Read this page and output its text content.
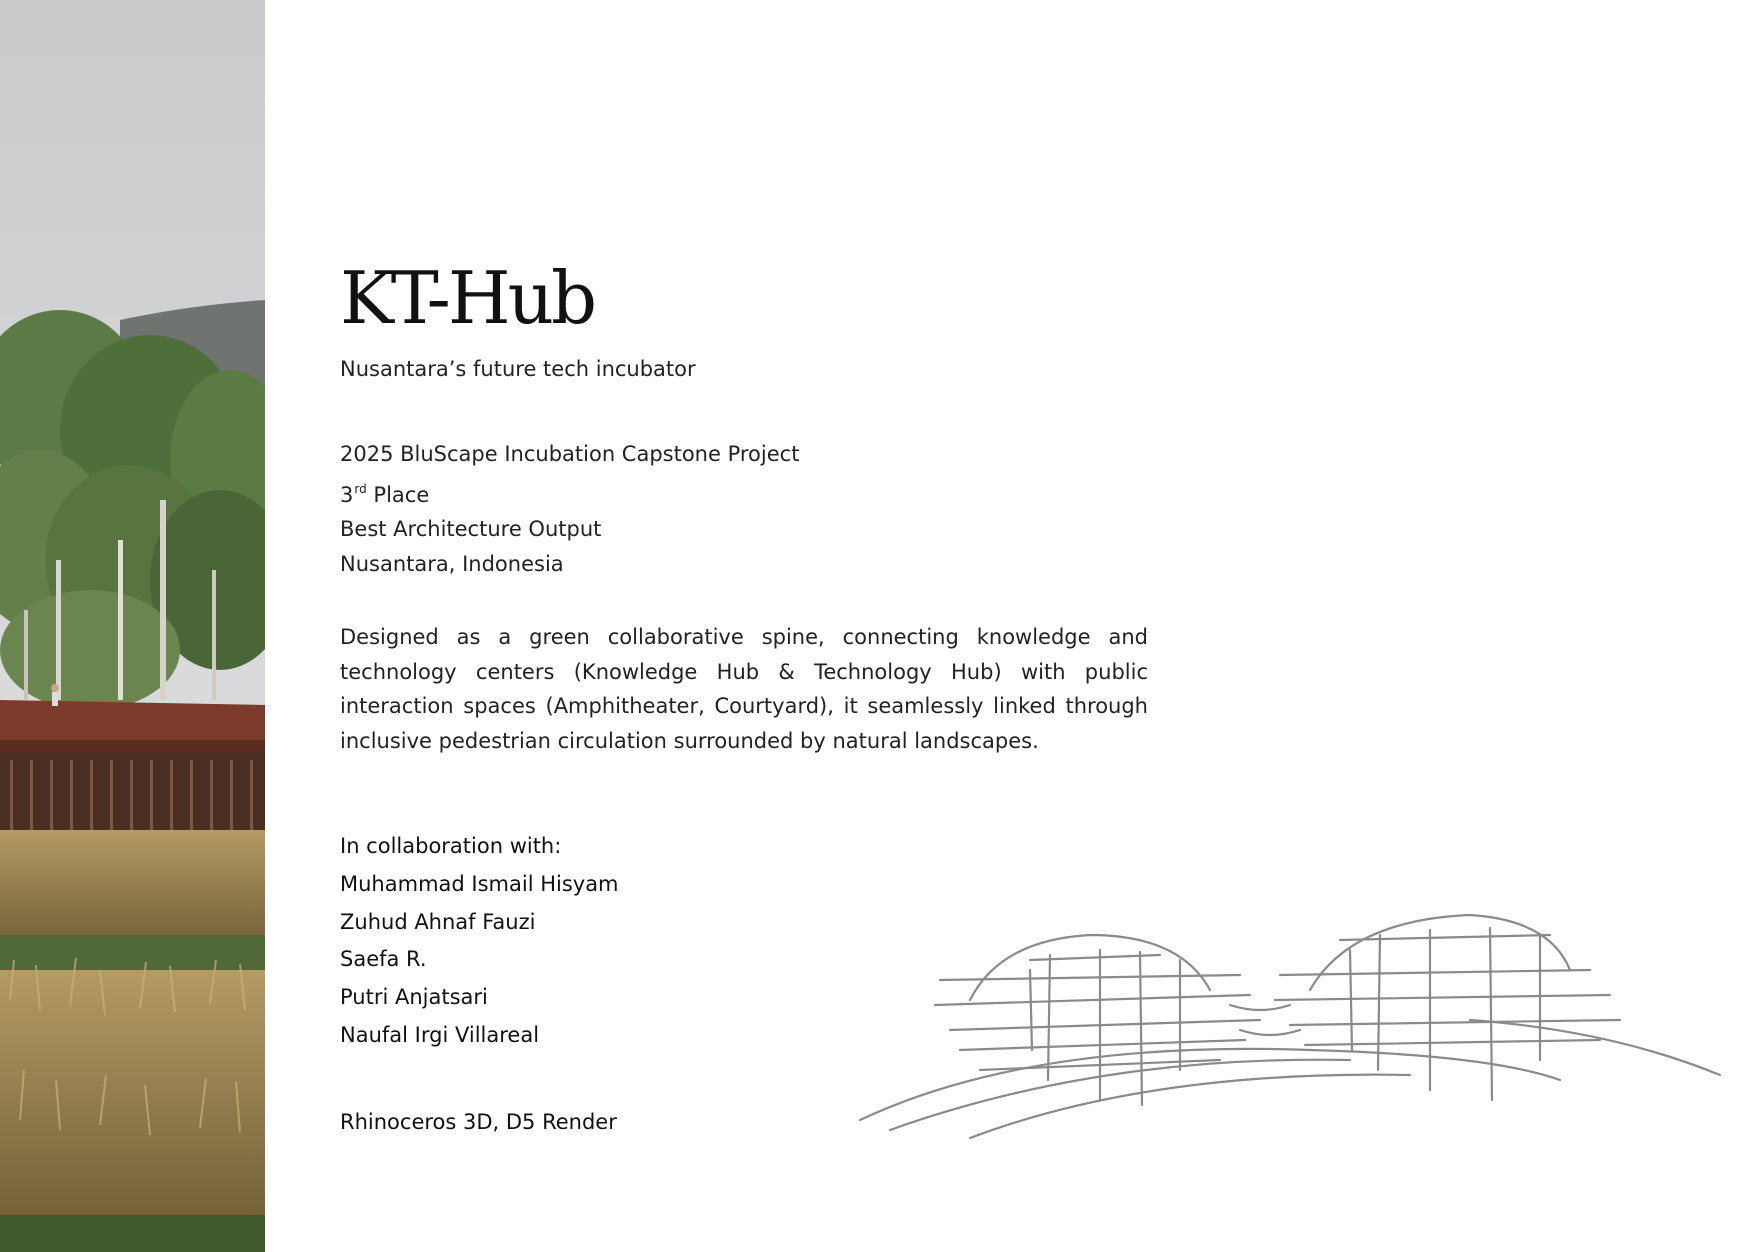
KT-Hub
Nusantara’s future tech incubator
2025 BluScape Incubation Capstone Project
3rd Place
Best Architecture Output
Nusantara, Indonesia
Designed as a green collaborative spine, connecting knowledge and technology centers (Knowledge Hub & Technology Hub) with public interaction spaces (Amphitheater, Courtyard), it seamlessly linked through inclusive pedestrian circulation surrounded by natural landscapes.
In collaboration with:
Muhammad Ismail Hisyam
Zuhud Ahnaf Fauzi
Saefa R.
Putri Anjatsari
Naufal Irgi Villareal
Rhinoceros 3D, D5 Render
